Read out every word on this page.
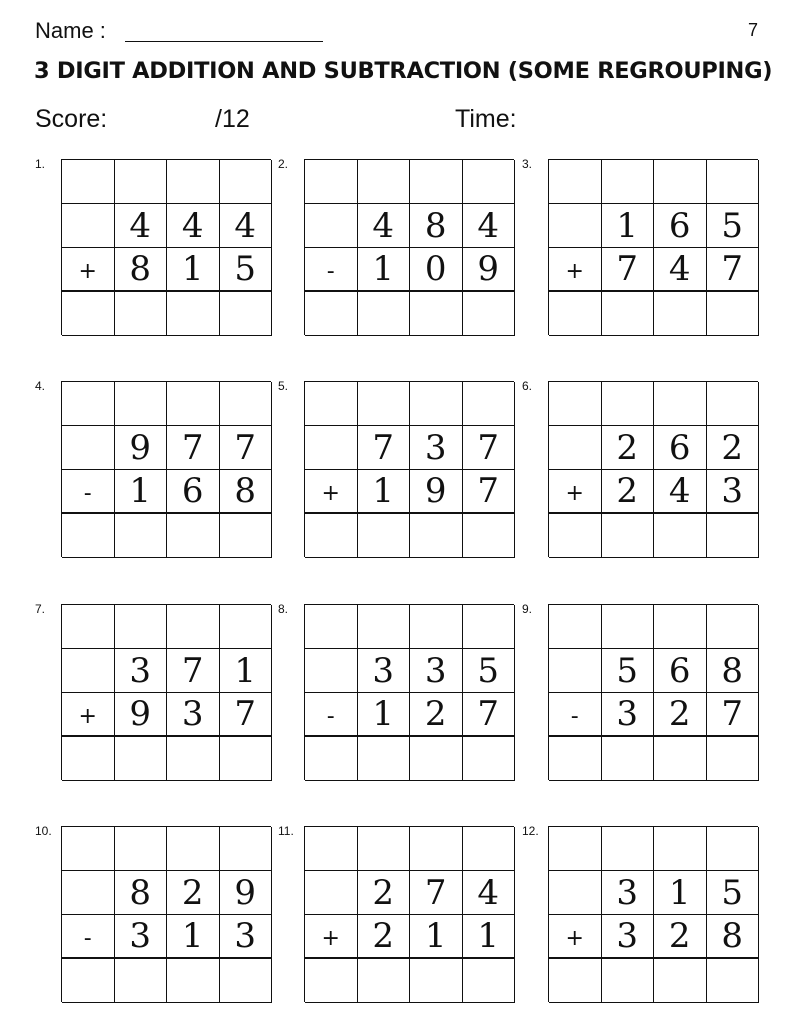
Name :	7
3 DIGIT ADDITION AND SUBTRACTION (SOME REGROUPING)
Score:	/12	Time:
1.
4 4 4
+ 8 1 5
2.
4 8 4
-	1 0 9
3.
1 6 5
+ 7 4 7
4.
9 7 7
-	1 6 8
5.
7 3 7
+ 1 9 7
6.
2 6 2
+ 2 4 3
7.
3 7 1
+ 9 3 7
8.
3 3 5
-	1 2 7
9.
5 6 8
-	3 2 7
10.
8 2 9
-	3 1 3
11.
2 7 4
+ 2 1 1
12.
3 1 5
+ 3 2 8
